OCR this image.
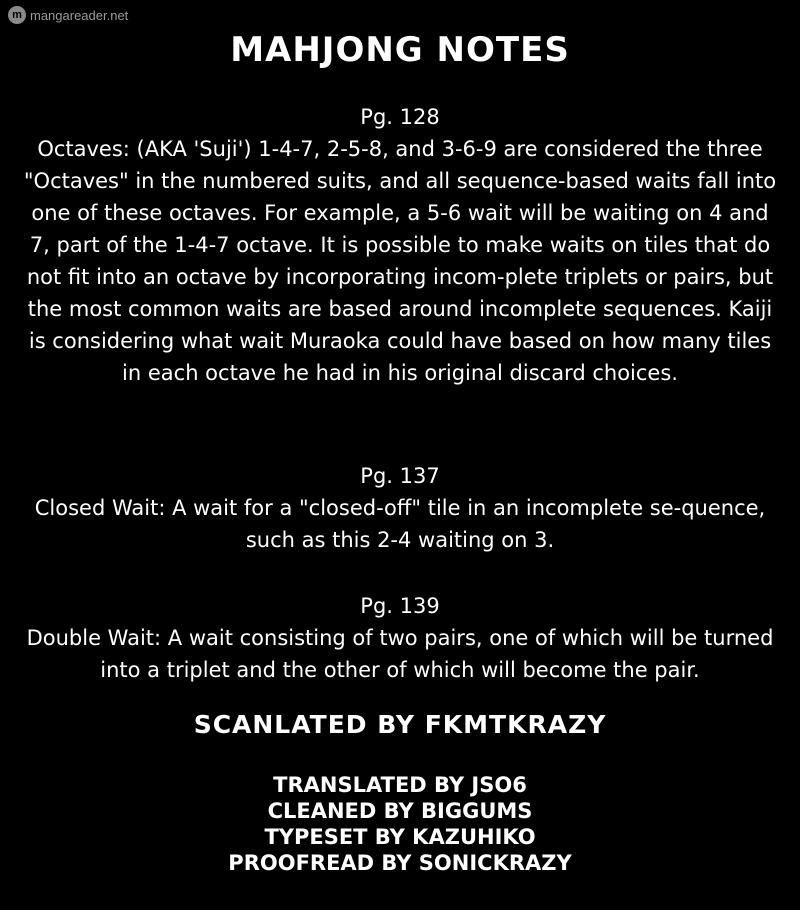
m mangareader.net
MAHJONG NOTES

Pg. 128

Octaves: (AKA 'Suji') 1-4-7, 2-5-8, and 3-6-9 are considered the three "Octaves" in the numbered suits, and all sequence-based waits fall into one of these octaves. For example, a 5-6 wait will be waiting on 4 and 7, part of the 1-4-7 octave. It is possible to make waits on tiles that do not fit into an octave by incorporating incom-plete triplets or pairs, but the most common waits are based around incomplete sequences. Kaiji is considering what wait Muraoka could have based on how many tiles in each octave he had in his original discard choices.

Pg. 137

Closed Wait: A wait for a "closed-off" tile in an incomplete se-quence, such as this 2-4 waiting on 3.

Pg. 139

Double Wait: A wait consisting of two pairs, one of which will be turned into a triplet and the other of which will become the pair.

SCANLATED BY FKMTKRAZY
TRANSLATED BY JSO6
CLEANED BY BIGGUMS
TYPESET BY KAZUHIKO
PROOFREAD BY SONICKRAZY
